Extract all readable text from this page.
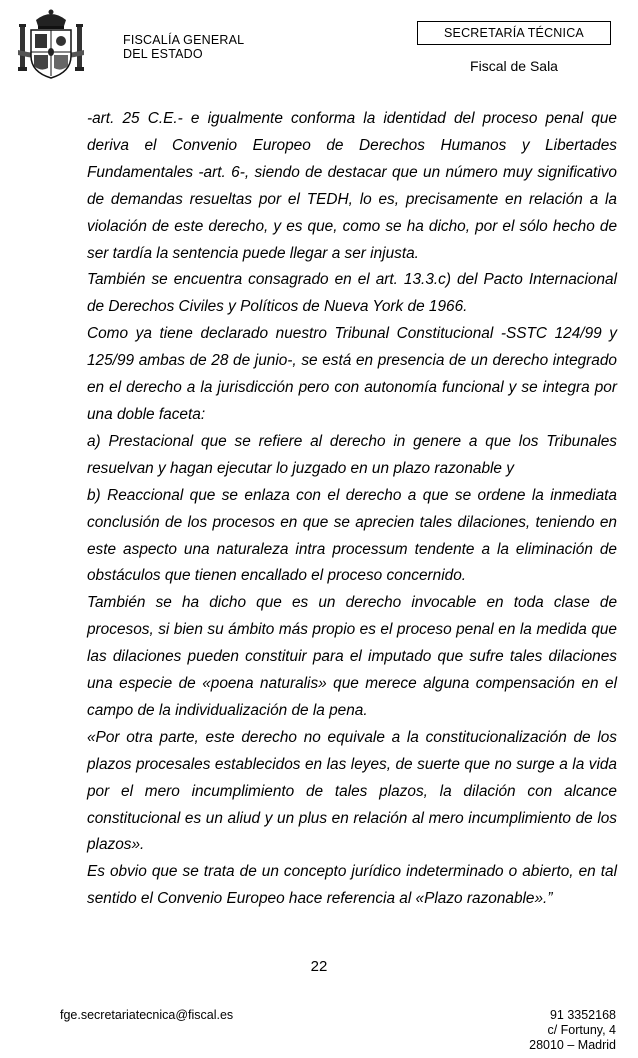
FISCALÍA GENERAL
DEL ESTADO
SECRETARÍA TÉCNICA
Fiscal de Sala

-art. 25 C.E.- e igualmente conforma la identidad del proceso penal que deriva el Convenio Europeo de Derechos Humanos y Libertades Fundamentales -art. 6-, siendo de destacar que un número muy significativo de demandas resueltas por el TEDH, lo es, precisamente en relación a la violación de este derecho, y es que, como se ha dicho, por el sólo hecho de ser tardía la sentencia puede llegar a ser injusta.

También se encuentra consagrado en el art. 13.3.c) del Pacto Internacional de Derechos Civiles y Políticos de Nueva York de 1966.

Como ya tiene declarado nuestro Tribunal Constitucional -SSTC 124/99 y 125/99 ambas de 28 de junio-, se está en presencia de un derecho integrado en el derecho a la jurisdicción pero con autonomía funcional y se integra por una doble faceta:

a) Prestacional que se refiere al derecho in genere a que los Tribunales resuelvan y hagan ejecutar lo juzgado en un plazo razonable y

b) Reaccional que se enlaza con el derecho a que se ordene la inmediata conclusión de los procesos en que se aprecien tales dilaciones, teniendo en este aspecto una naturaleza intra processum tendente a la eliminación de obstáculos que tienen encallado el proceso concernido.

También se ha dicho que es un derecho invocable en toda clase de procesos, si bien su ámbito más propio es el proceso penal en la medida que las dilaciones pueden constituir para el imputado que sufre tales dilaciones una especie de «poena naturalis» que merece alguna compensación en el campo de la individualización de la pena.

«Por otra parte, este derecho no equivale a la constitucionalización de los plazos procesales establecidos en las leyes, de suerte que no surge a la vida por el mero incumplimiento de tales plazos, la dilación con alcance constitucional es un aliud y un plus en relación al mero incumplimiento de los plazos».

Es obvio que se trata de un concepto jurídico indeterminado o abierto, en tal sentido el Convenio Europeo hace referencia al «Plazo razonable».”

22
fge.secretariatecnica@fiscal.es	91 3352168
c/ Fortuny, 4
28010 – Madrid
